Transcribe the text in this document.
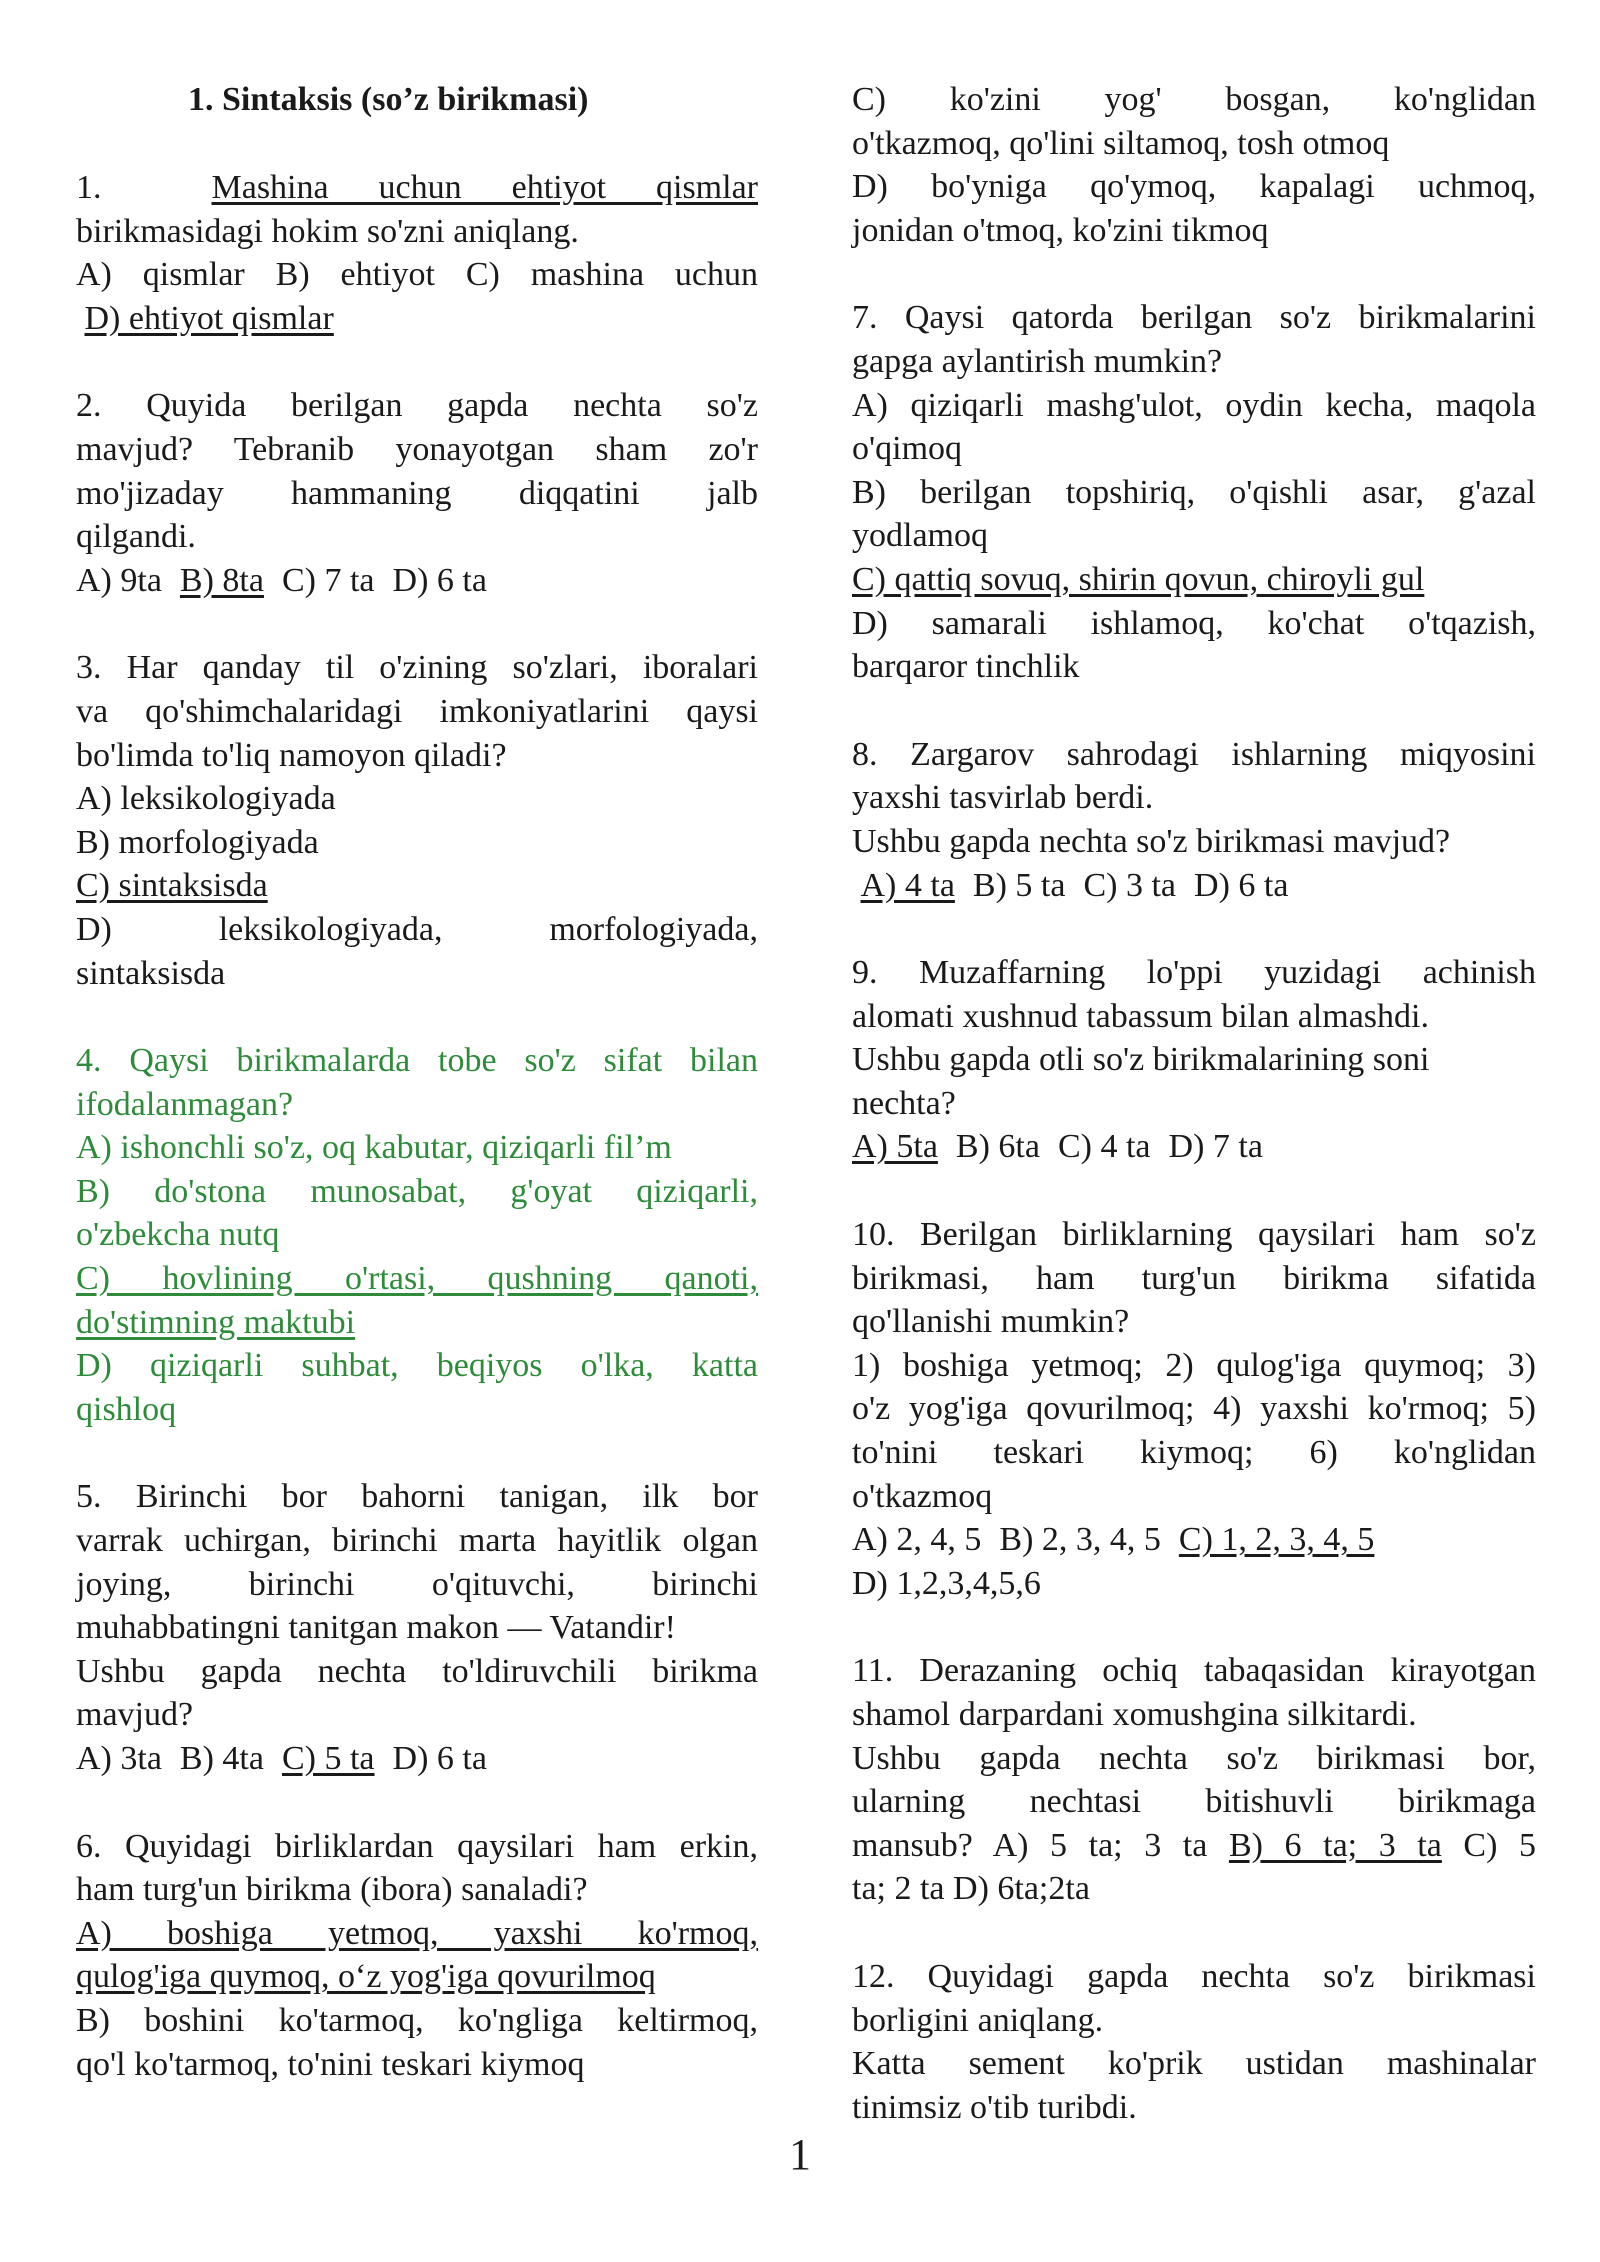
1. Sintaksis (so’z birikmasi)

1.	Mashina uchun ehtiyot qismlar

birikmasidagi hokim so'zni aniqlang.

A) qismlar B) ehtiyot C) mashina uchun

D) ehtiyot qismlar

2. Quyida berilgan gapda nechta so'z

mavjud? Tebranib yonayotgan sham zo'r

mo'jizaday hammaning diqqatini jalb

qilgandi.

A) 9ta B) 8ta C) 7 ta D) 6 ta

3. Har qanday til o'zining so'zlari, iboralari

va qo'shimchalaridagi imkoniyatlarini qaysi

bo'limda to'liq namoyon qiladi?

A) leksikologiyada

B) morfologiyada

C) sintaksisda

D) leksikologiyada, morfologiyada,

sintaksisda

4. Qaysi birikmalarda tobe so'z sifat bilan

ifodalanmagan?

A) ishonchli so'z, oq kabutar, qiziqarli fil’m

B) do'stona munosabat, g'oyat qiziqarli,

o'zbekcha nutq

C) hovlining o'rtasi, qushning qanoti,

do'stimning maktubi

D) qiziqarli suhbat, beqiyos o'lka, katta

qishloq

5. Birinchi bor bahorni tanigan, ilk bor

varrak uchirgan, birinchi marta hayitlik olgan

joying, birinchi o'qituvchi, birinchi

muhabbatingni tanitgan makon — Vatandir!

Ushbu gapda nechta to'ldiruvchili birikma

mavjud?

A) 3ta B) 4ta C) 5 ta D) 6 ta

6. Quyidagi birliklardan qaysilari ham erkin,

ham turg'un birikma (ibora) sanaladi?

A) boshiga yetmoq, yaxshi ko'rmoq,

qulog'iga quymoq, o‘z yog'iga qovurilmoq

B) boshini ko'tarmoq, ko'ngliga keltirmoq,

qo'l ko'tarmoq, to'nini teskari kiymoq

C) ko'zini yog' bosgan, ko'nglidan

o'tkazmoq, qo'lini siltamoq, tosh otmoq

D) bo'yniga qo'ymoq, kapalagi uchmoq,

jonidan o'tmoq, ko'zini tikmoq

7. Qaysi qatorda berilgan so'z birikmalarini

gapga aylantirish mumkin?

A) qiziqarli mashg'ulot, oydin kecha, maqola

o'qimoq

B) berilgan topshiriq, o'qishli asar, g'azal

yodlamoq

C) qattiq sovuq, shirin qovun, chiroyli gul

D) samarali ishlamoq, ko'chat o'tqazish,

barqaror tinchlik

8. Zargarov sahrodagi ishlarning miqyosini

yaxshi tasvirlab berdi.

Ushbu gapda nechta so'z birikmasi mavjud?

A) 4 ta B) 5 ta C) 3 ta D) 6 ta

9. Muzaffarning lo'ppi yuzidagi achinish

alomati xushnud tabassum bilan almashdi.

Ushbu gapda otli so'z birikmalarining soni

nechta?

A) 5ta B) 6ta C) 4 ta D) 7 ta

10. Berilgan birliklarning qaysilari ham so'z

birikmasi, ham turg'un birikma sifatida

qo'llanishi mumkin?

1) boshiga yetmoq; 2) qulog'iga quymoq; 3)

o'z yog'iga qovurilmoq; 4) yaxshi ko'rmoq; 5)

to'nini teskari kiymoq; 6) ko'nglidan

o'tkazmoq

A) 2, 4, 5 B) 2, 3, 4, 5 C) 1, 2, 3, 4, 5

D) 1,2,3,4,5,6

11. Derazaning ochiq tabaqasidan kirayotgan

shamol darpardani xomushgina silkitardi.

Ushbu gapda nechta so'z birikmasi bor,

ularning nechtasi bitishuvli birikmaga

mansub? A) 5 ta; 3 ta B) 6 ta; 3 ta C) 5

ta; 2 ta D) 6ta;2ta

12. Quyidagi gapda nechta so'z birikmasi

borligini aniqlang.

Katta sement ko'prik ustidan mashinalar

tinimsiz o'tib turibdi.

1
